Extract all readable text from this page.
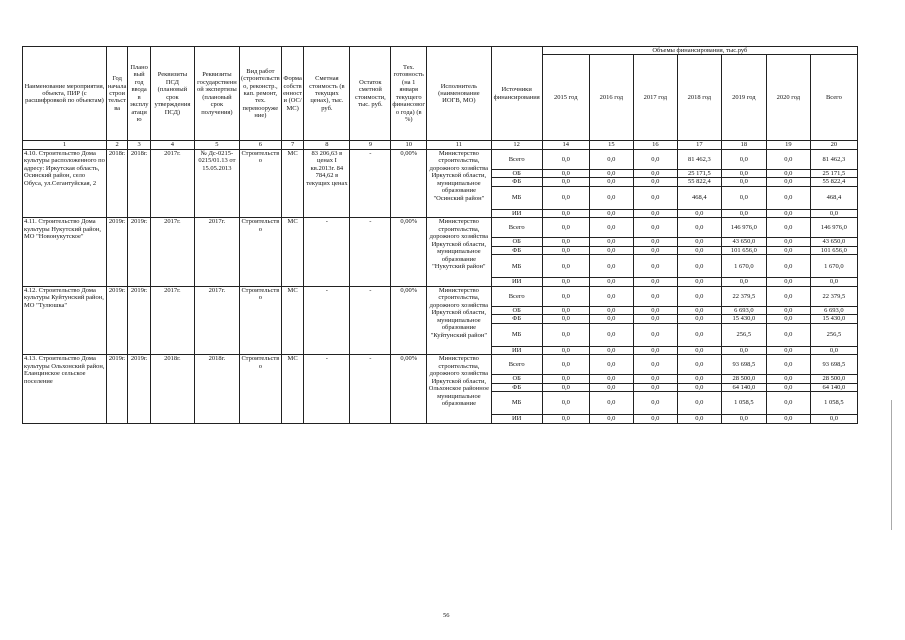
Наименование мероприятия, объекта, ПИР (с расшифровкой по объектам)	Год начала строительства	Плановый год ввода в эксплуатацию	Реквизиты ПСД (плановый срок утверждения ПСД)	Реквизиты государственной экспертизы (плановый срок получения)	Вид работ (строительство, реконстр., кап. ремонт, тех. перевооружение)	Форма собственности (ОС/МС)	Сметная стоимость (в текущих ценах), тыс. руб.	Остаток сметной стоимости, тыс. руб.	Тех. готовность (на 1 января текущего финансового года) (в %)	Исполнитель (наименование ИОГВ, МО)	Источники финансирования	Объемы финансирования, тыс.руб						
												2015 год	2016 год	2017 год	2018 год	2019 год	2020 год	Всего
1	2	3	4	5	6	7	8	9	10	11	12	14	15	16	17	18	19	20
4.10. Строительство Дома культуры расположенного по адресу: Иркутская область, Осинский район, село Обуса, ул.Сегантуйская, 2	2018г.	2018г.	2017г.	№ Дс-0215-0215/01.13 от 15.05.2013	Строительство	МС	83 206,63 в ценах I кв.2013г. 84 784,62 в текущих ценах	-	0,00%	Министерство строительства, дорожного хозяйства Иркутской области, муниципальное образование "Осинский район"	Всего	0,0	0,0	0,0	81 462,3	0,0	0,0	81 462,3
											ОБ	0,0	0,0	0,0	25 171,5	0,0	0,0	25 171,5
											ФБ	0,0	0,0	0,0	55 822,4	0,0	0,0	55 822,4
											МБ	0,0	0,0	0,0	468,4	0,0	0,0	468,4
											ИИ	0,0	0,0	0,0	0,0	0,0	0,0	0,0
4.11. Строительство Дома культуры Нукутский район, МО "Новонукутское"	2019г.	2019г.	2017г.	2017г.	Строительство	МС	-	-	0,00%	Министерство строительства, дорожного хозяйства Иркутской области, муниципальное образование "Нукутский район"	Всего	0,0	0,0	0,0	0,0	146 976,0	0,0	146 976,0
											ОБ	0,0	0,0	0,0	0,0	43 650,0	0,0	43 650,0
											ФБ	0,0	0,0	0,0	0,0	101 656,0	0,0	101 656,0
											МБ	0,0	0,0	0,0	0,0	1 670,0	0,0	1 670,0
											ИИ	0,0	0,0	0,0	0,0	0,0	0,0	0,0
4.12. Строительство Дома культуры Куйтунский район, МО "Тулюшка"	2019г.	2019г.	2017г.	2017г.	Строительство	МС	-	-	0,00%	Министерство строительства, дорожного хозяйства Иркутской области, муниципальное образование "Куйтунский район"	Всего	0,0	0,0	0,0	0,0	22 379,5	0,0	22 379,5
											ОБ	0,0	0,0	0,0	0,0	6 693,0	0,0	6 693,0
											ФБ	0,0	0,0	0,0	0,0	15 430,0	0,0	15 430,0
											МБ	0,0	0,0	0,0	0,0	256,5	0,0	256,5
											ИИ	0,0	0,0	0,0	0,0	0,0	0,0	0,0
4.13. Строительство Дома культуры Ольхонский район, Еланцинское сельское поселение	2019г.	2019г.	2018г.	2018г.	Строительство	МС	-	-	0,00%	Министерство строительства, дорожного хозяйства Иркутской области, Ольхонское районное муниципальное образование	Всего	0,0	0,0	0,0	0,0	93 698,5	0,0	93 698,5
											ОБ	0,0	0,0	0,0	0,0	28 500,0	0,0	28 500,0
											ФБ	0,0	0,0	0,0	0,0	64 140,0	0,0	64 140,0
											МБ	0,0	0,0	0,0	0,0	1 058,5	0,0	1 058,5
											ИИ	0,0	0,0	0,0	0,0	0,0	0,0	0,0
56
